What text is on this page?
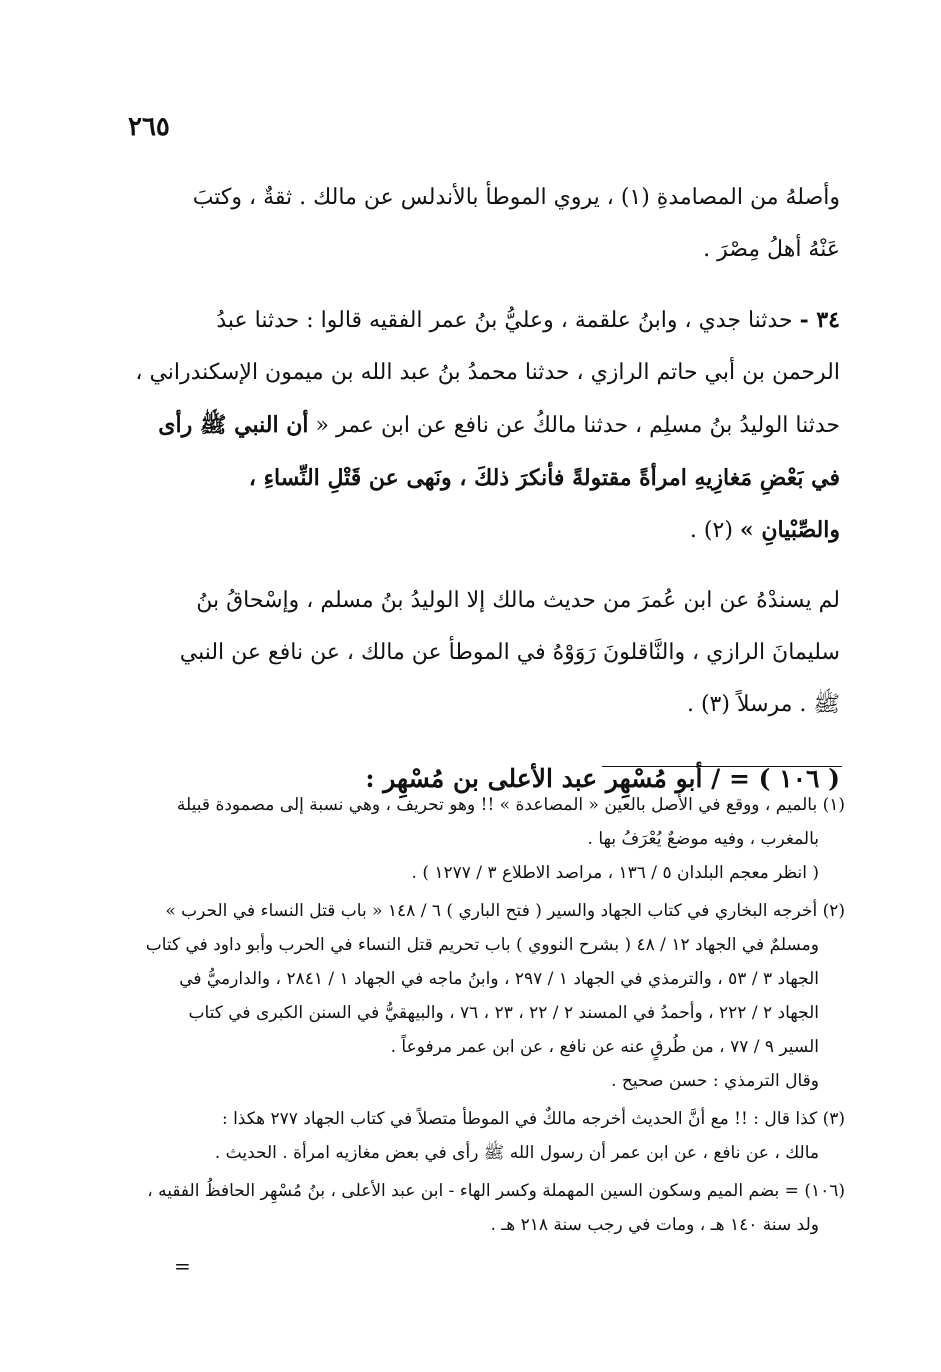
٢٦٥

وأصلهُ من المصامدةِ (١) ، يروي الموطأ بالأندلس عن مالك . ثقةٌ ، وكتبَ

عَنْهُ أهلُ مِصْرَ .

٣٤ - حدثنا جدي ، وابنُ علقمة ، وعليُّ بنُ عمر الفقيه قالوا : حدثنا عبدُ

الرحمن بن أبي حاتم الرازي ، حدثنا محمدُ بنُ عبد الله بن ميمون الإسكندراني ،

حدثنا الوليدُ بنُ مسلِم ، حدثنا مالكُ عن نافع عن ابن عمر « أن النبي ﷺ رأى

في بَعْضِ مَغازِيهِ امرأةً مقتولةً فأنكرَ ذلكَ ، ونَهى عن قَتْلِ النِّساءِ ،

والصِّبْيانِ » (٢) .

لم يسندْهُ عن ابن عُمرَ من حديث مالك إلا الوليدُ بنُ مسلم ، وإسْحاقُ بنُ

سليمانَ الرازي ، والنَّاقلونَ رَوَوْهُ في الموطأ عن مالك ، عن نافع عن النبي

ﷺ . مرسلاً (٣) .

( ١٠٦ ) = / أبو مُسْهِر عبد الأعلى بن مُسْهِر :

(١) بالميم ، ووقع في الأصل بالعين « المصاعدة » !! وهو تحريف ، وهي نسبة إلى مصمودة قبيلة

بالمغرب ، وفيه موضعٌ يُعْرَفُ بها .

( انظر معجم البلدان ٥ / ١٣٦ ، مراصد الاطلاع ٣ / ١٢٧٧ ) .

(٢) أخرجه البخاري في كتاب الجهاد والسير ( فتح الباري ) ٦ / ١٤٨ « باب قتل النساء في الحرب »

ومسلمٌ في الجهاد ١٢ / ٤٨ ( بشرح النووي ) باب تحريم قتل النساء في الحرب وأبو داود في كتاب

الجهاد ٣ / ٥٣ ، والترمذي في الجهاد ١ / ٢٩٧ ، وابنُ ماجه في الجهاد ١ / ٢٨٤١ ، والدارميُّ في

الجهاد ٢ / ٢٢٢ ، وأحمدُ في المسند ٢ / ٢٢ ، ٢٣ ، ٧٦ ، والبيهقيُّ في السنن الكبرى في كتاب

السير ٩ / ٧٧ ، من طُرقٍ عنه عن نافع ، عن ابن عمر مرفوعاً .

وقال الترمذي : حسن صحيح .

(٣) كذا قال : !! مع أنَّ الحديث أخرجه مالكٌ في الموطأ متصلاً في كتاب الجهاد ٢٧٧ هكذا :

مالك ، عن نافع ، عن ابن عمر أن رسول الله ﷺ رأى في بعض مغازيه امرأة . الحديث .

(١٠٦) = بضم الميم وسكون السين المهملة وكسر الهاء - ابن عبد الأعلى ، بنُ مُسْهِر الحافظُ الفقيه ،

ولد سنة ١٤٠ هـ ، ومات في رجب سنة ٢١٨ هـ .

=
